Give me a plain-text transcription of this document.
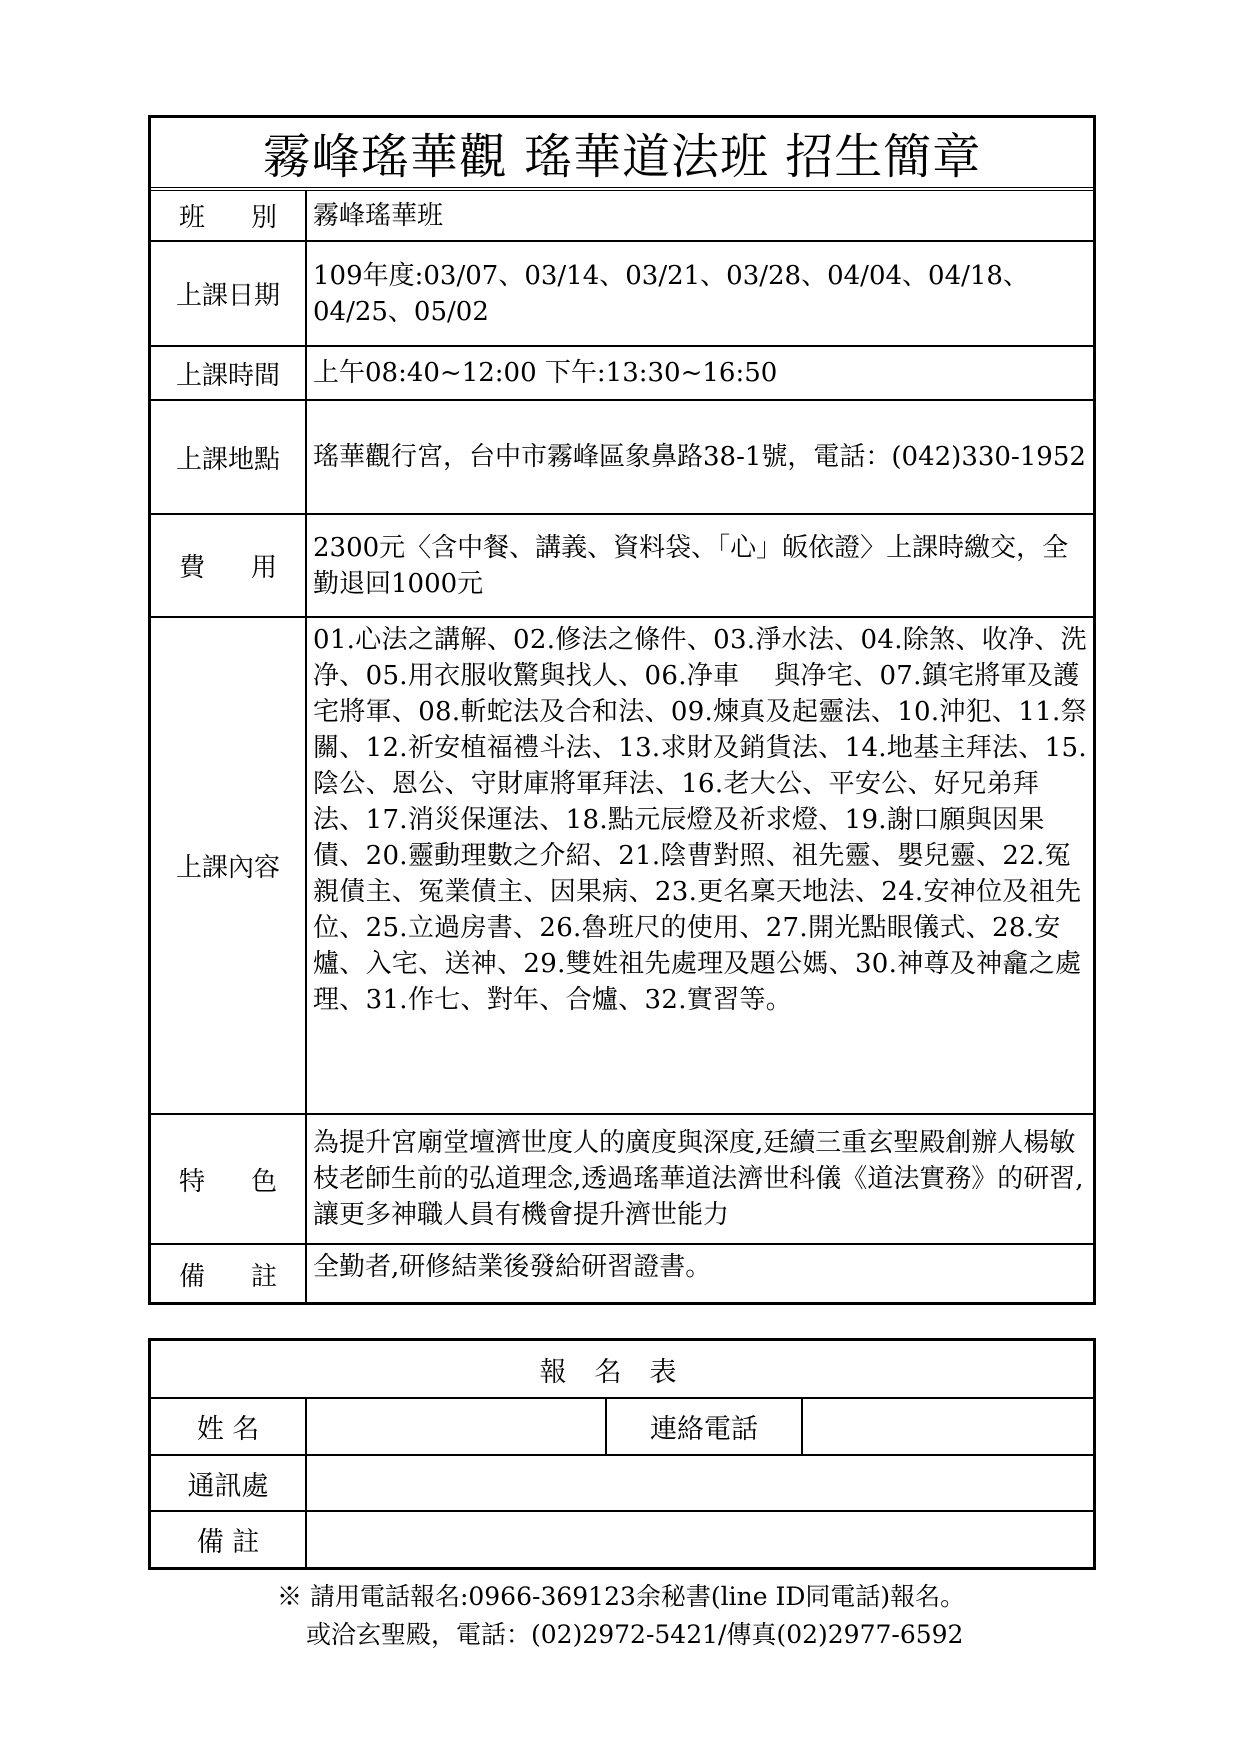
霧峰瑤華觀 瑤華道法班 招生簡章	
班別	霧峰瑤華班
上課日期	109年度:03/07、03/14、03/21、03/28、04/04、04/18、04/25、05/02
上課時間	上午08:40~12:00 下午:13:30~16:50
上課地點	瑤華觀行宮，台中市霧峰區象鼻路38-1號，電話：(042)330-1952
費用	2300元〈含中餐、講義、資料袋、「心」皈依證〉上課時繳交，全勤退回1000元
上課內容	01.心法之講解、02.修法之條件、03.淨水法、04.除煞、收净、洗净、05.用衣服收驚與找人、06.净車　 與净宅、07.鎮宅將軍及護宅將軍、08.斬蛇法及合和法、09.煉真及起靈法、10.沖犯、11.祭關、12.祈安植福禮斗法、13.求財及銷貨法、14.地基主拜法、15.陰公、恩公、守財庫將軍拜法、16.老大公、平安公、好兄弟拜法、17.消災保運法、18.點元辰燈及祈求燈、19.謝口願與因果債、20.靈動理數之介紹、21.陰曹對照、祖先靈、嬰兒靈、22.冤親債主、冤業債主、因果病、23.更名稟天地法、24.安神位及祖先位、25.立過房書、26.魯班尺的使用、27.開光點眼儀式、28.安爐、入宅、送神、29.雙姓祖先處理及題公媽、30.神尊及神龕之處理、31.作七、對年、合爐、32.實習等。
特色	為提升宮廟堂壇濟世度人的廣度與深度,廷續三重玄聖殿創辦人楊敏枝老師生前的弘道理念,透過瑤華道法濟世科儀《道法實務》的研習,讓更多神職人員有機會提升濟世能力
備註	全勤者,研修結業後發給研習證書。
報名表			
姓 名		連絡電話	
通訊處			
備 註			
※ 請用電話報名:0966-369123余秘書(line ID同電話)報名。
或洽玄聖殿，電話：(02)2972-5421/傳真(02)2977-6592
